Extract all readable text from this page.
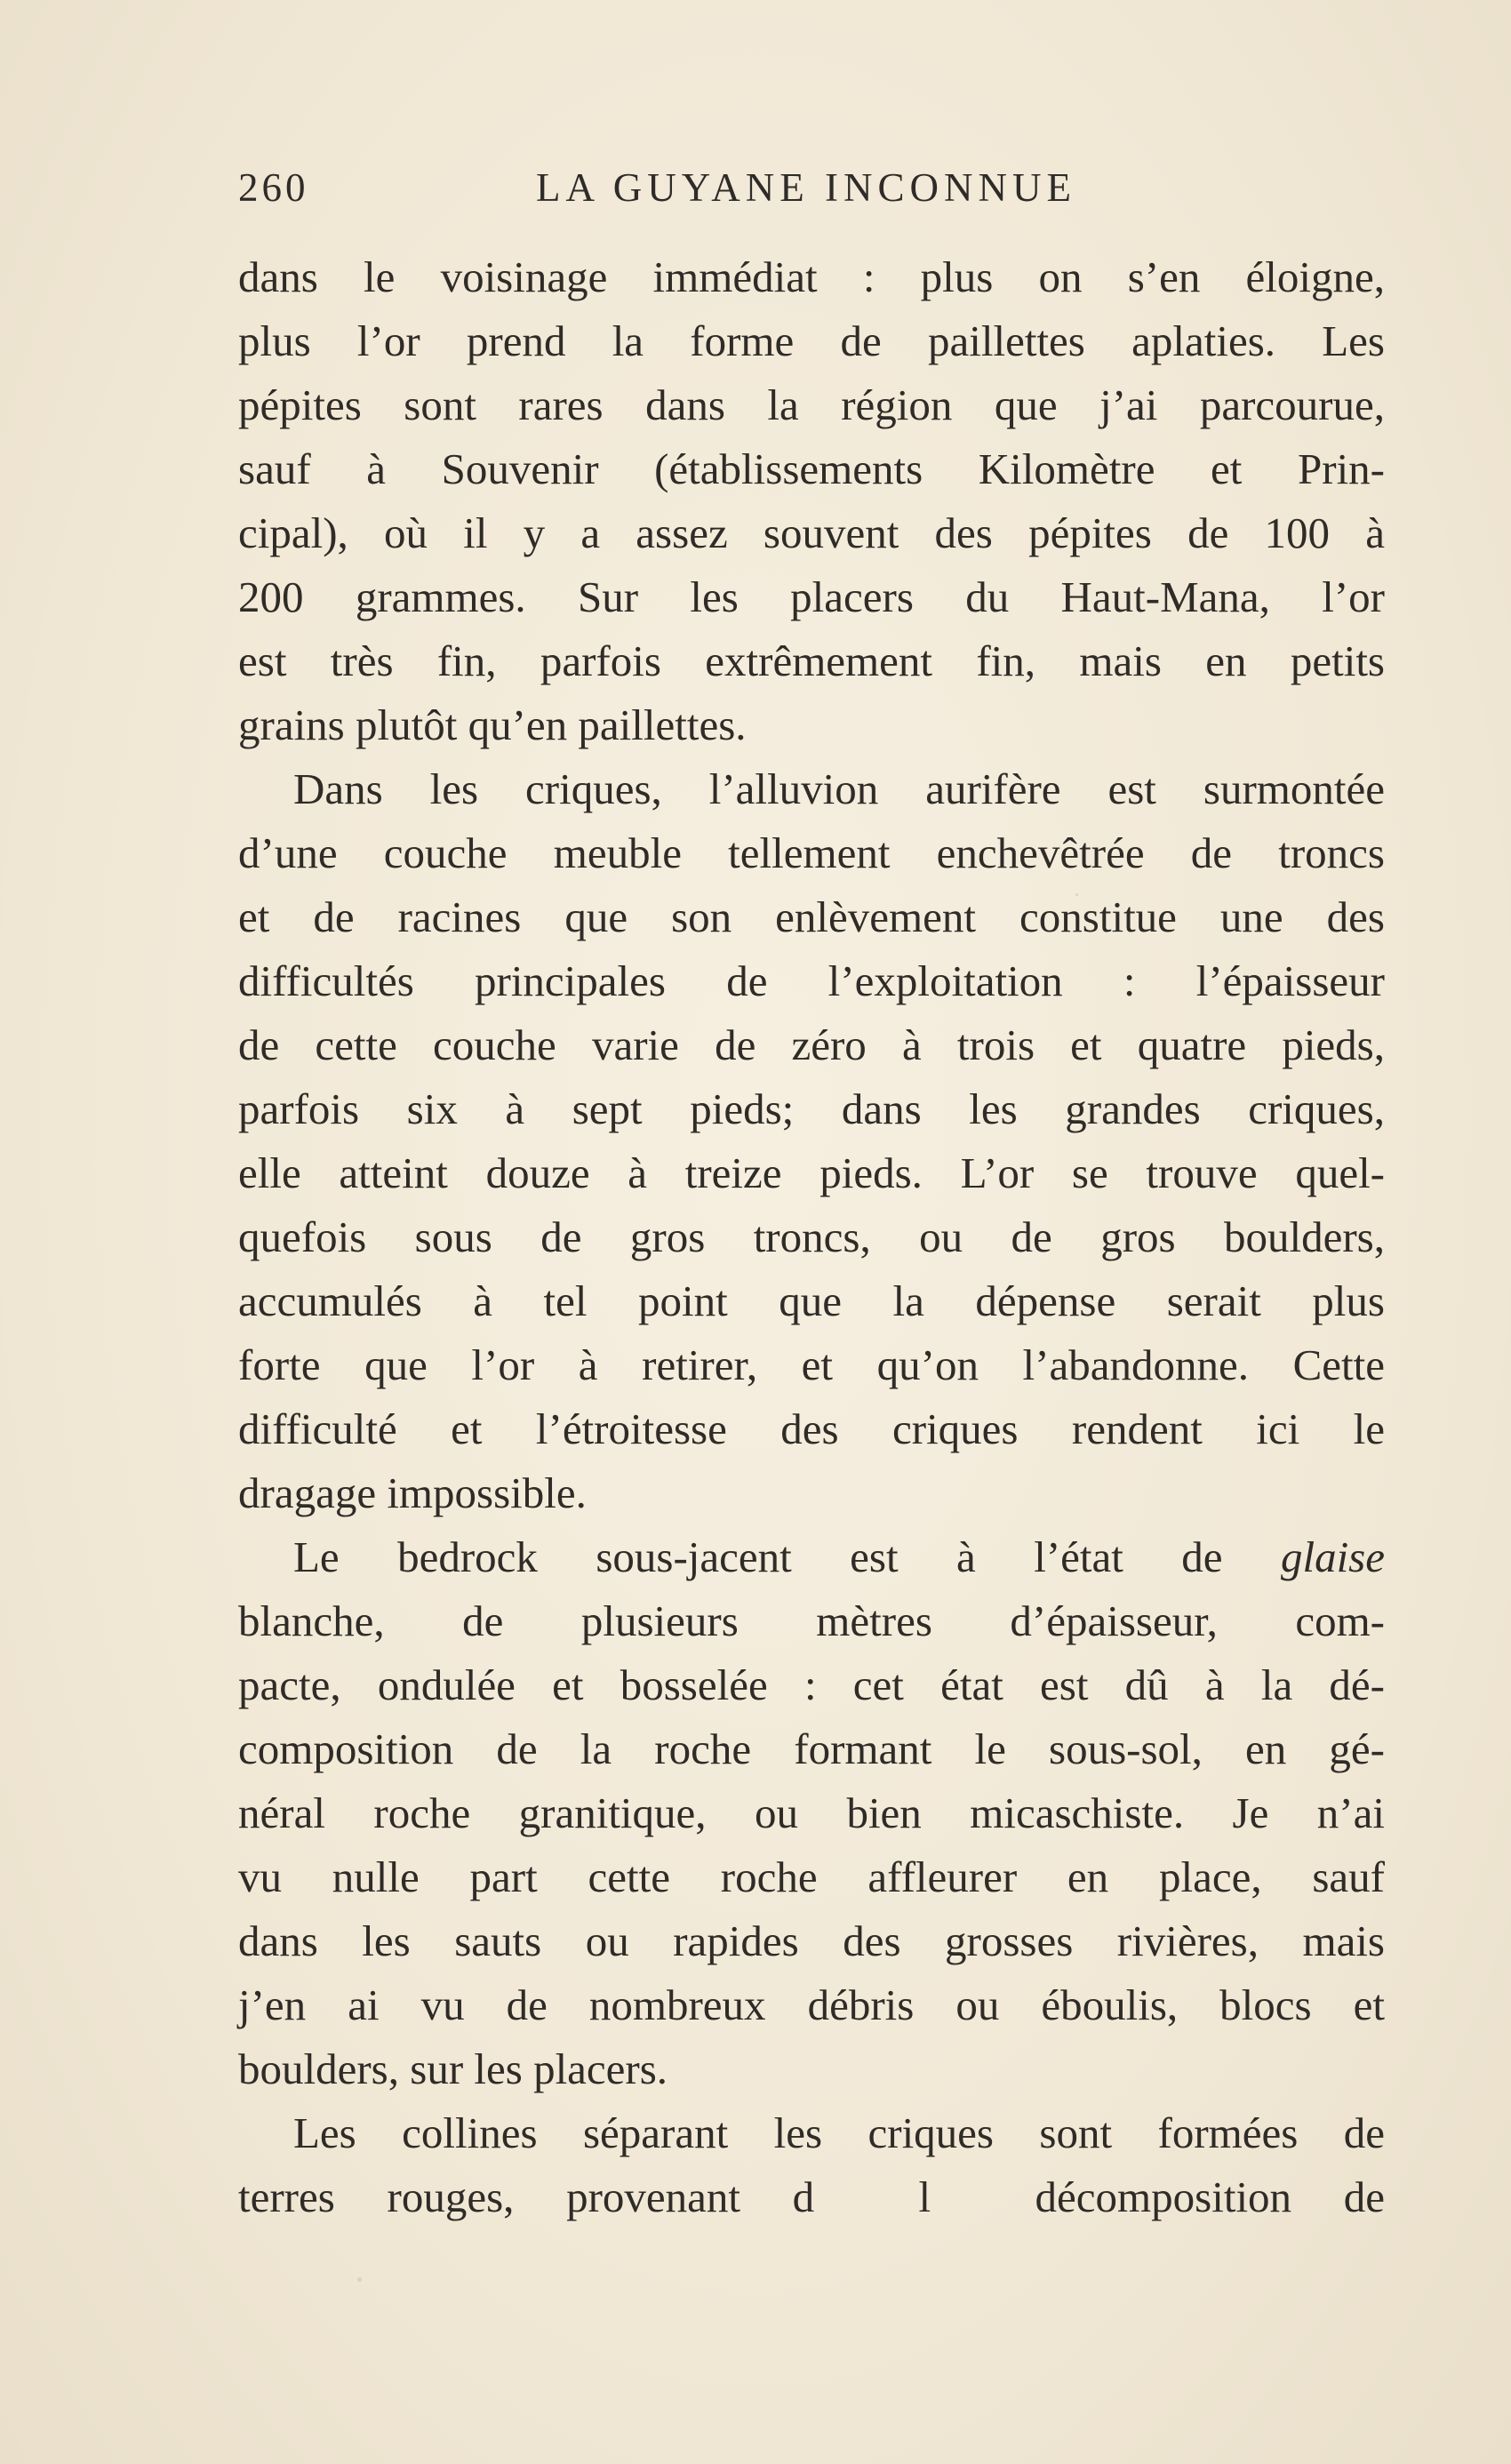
260	LA GUYANE INCONNUE
dans le voisinage immédiat : plus on s’en éloigne,
plus l’or prend la forme de paillettes aplaties. Les
pépites sont rares dans la région que j’ai parcourue,
sauf à Souvenir (établissements Kilomètre et Prin-
cipal), où il y a assez souvent des pépites de 100 à
200 grammes. Sur les placers du Haut-Mana, l’or
est très fin, parfois extrêmement fin, mais en petits
grains plutôt qu’en paillettes.
Dans les criques, l’alluvion aurifère est surmontée
d’une couche meuble tellement enchevêtrée de troncs
et de racines que son enlèvement constitue une des
difficultés principales de l’exploitation : l’épaisseur
de cette couche varie de zéro à trois et quatre pieds,
parfois six à sept pieds; dans les grandes criques,
elle atteint douze à treize pieds. L’or se trouve quel-
quefois sous de gros troncs, ou de gros boulders,
accumulés à tel point que la dépense serait plus
forte que l’or à retirer, et qu’on l’abandonne. Cette
difficulté et l’étroitesse des criques rendent ici le
dragage impossible.
Le bedrock sous-jacent est à l’état de glaise
blanche, de plusieurs mètres d’épaisseur, com-
pacte, ondulée et bosselée : cet état est dû à la dé-
composition de la roche formant le sous-sol, en gé-
néral roche granitique, ou bien micaschiste. Je n’ai
vu nulle part cette roche affleurer en place, sauf
dans les sauts ou rapides des grosses rivières, mais
j’en ai vu de nombreux débris ou éboulis, blocs et
boulders, sur les placers.
Les collines séparant les criques sont formées de
terres rouges, provenant d  l  décomposition de
